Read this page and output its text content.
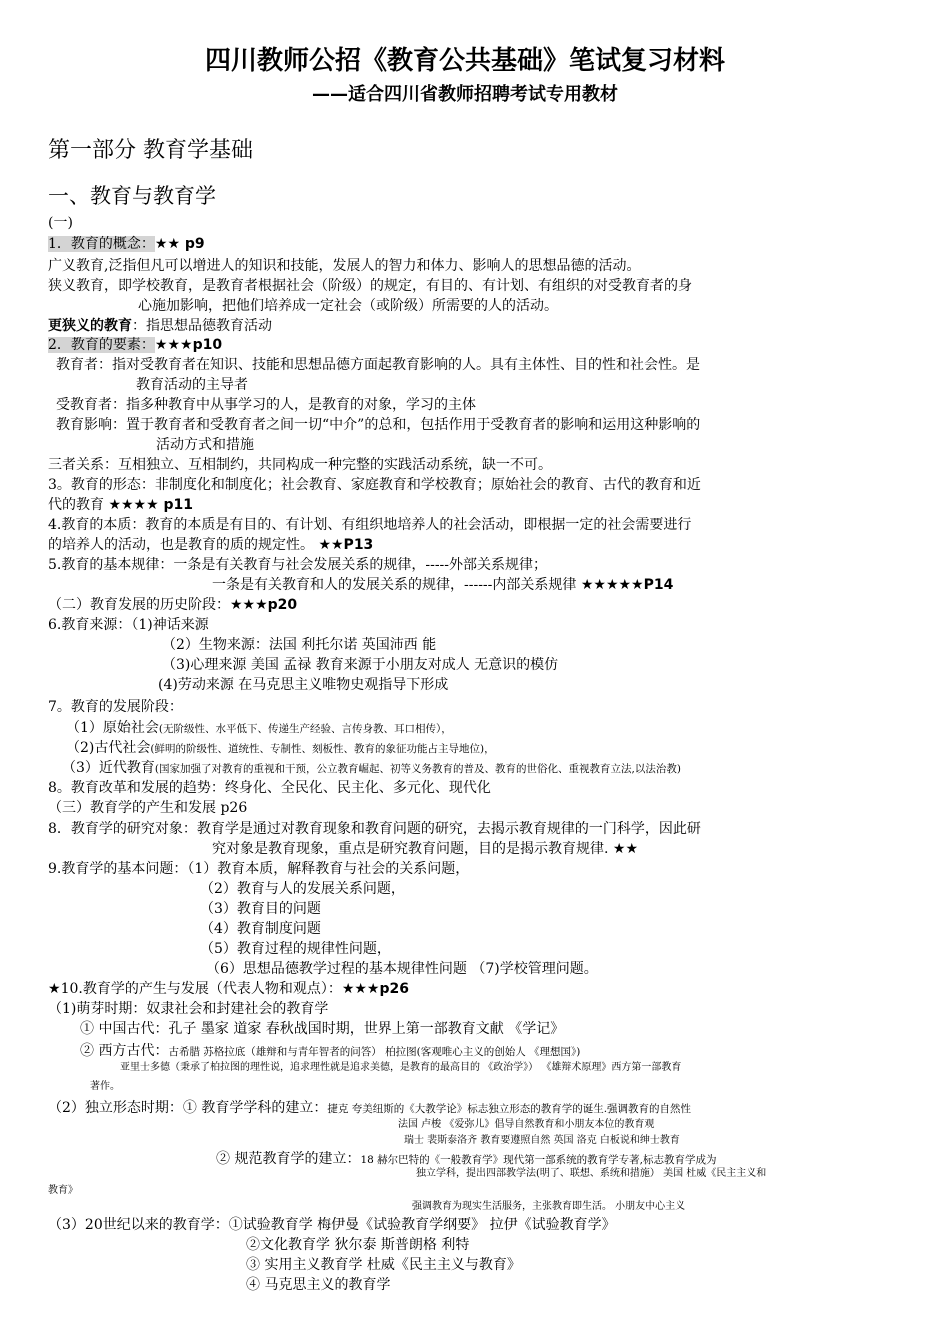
四川教师公招《教育公共基础》笔试复习材料
——适合四川省教师招聘考试专用教材
第一部分 教育学基础
一、教育与教育学
(一)
1．教育的概念：★★ p9
广义教育,泛指但凡可以增进人的知识和技能，发展人的智力和体力、影响人的思想品德的活动。
狭义教育，即学校教育，是教育者根据社会（阶级）的规定，有目的、有计划、有组织的对受教育者的身
心施加影响，把他们培养成一定社会（或阶级）所需要的人的活动。
更狭义的教育：指思想品德教育活动
2．教育的要素：★★★p10
教育者：指对受教育者在知识、技能和思想品德方面起教育影响的人。具有主体性、目的性和社会性。是
教育活动的主导者
受教育者：指多种教育中从事学习的人，是教育的对象，学习的主体
教育影响：置于教育者和受教育者之间一切“中介”的总和，包括作用于受教育者的影响和运用这种影响的
活动方式和措施
三者关系：互相独立、互相制约，共同构成一种完整的实践活动系统，缺一不可。
3。教育的形态：非制度化和制度化；社会教育、家庭教育和学校教育；原始社会的教育、古代的教育和近
代的教育 ★★★★ p11
4.教育的本质：教育的本质是有目的、有计划、有组织地培养人的社会活动，即根据一定的社会需要进行
的培养人的活动，也是教育的质的规定性。 ★★P13
5.教育的基本规律：一条是有关教育与社会发展关系的规律，-----外部关系规律；
一条是有关教育和人的发展关系的规律，------内部关系规律 ★★★★★P14
（二）教育发展的历史阶段：★★★p20
6.教育来源：（1)神话来源
（2）生物来源：法国 利托尔诺 英国沛西 能
（3)心理来源 美国 孟禄 教育来源于小朋友对成人 无意识的模仿
(4)劳动来源 在马克思主义唯物史观指导下形成
7。教育的发展阶段：
（1）原始社会(无阶级性、水平低下、传递生产经验、言传身教、耳口相传），
（2)古代社会(鲜明的阶级性、道统性、专制性、刻板性、教育的象征功能占主导地位)，
（3）近代教育(国家加强了对教育的重视和干预，公立教育崛起、初等义务教育的普及、教育的世俗化、重视教育立法,以法治教)
8。教育改革和发展的趋势：终身化、全民化、民主化、多元化、现代化
（三）教育学的产生和发展 p26
8．教育学的研究对象：教育学是通过对教育现象和教育问题的研究，去揭示教育规律的一门科学，因此研
究对象是教育现象，重点是研究教育问题，目的是揭示教育规律. ★★
9.教育学的基本问题：（1）教育本质，解释教育与社会的关系问题，
（2）教育与人的发展关系问题，
（3）教育目的问题
（4）教育制度问题
（5）教育过程的规律性问题，
（6）思想品德教学过程的基本规律性问题 （7)学校管理问题。
★10.教育学的产生与发展（代表人物和观点）：★★★p26
（1)萌芽时期：奴隶社会和封建社会的教育学
① 中国古代：孔子 墨家 道家 春秋战国时期，世界上第一部教育文献 《学记》
② 西方古代：古希腊 苏格拉底（雄辩和与青年智者的问答） 柏拉图(客观唯心主义的创始人 《理想国》)
亚里士多德（秉承了柏拉图的理性说，追求理性就是追求美德，是教育的最高目的 《政治学》） 《雄辩术原理》西方第一部教育
著作。
（2）独立形态时期：① 教育学学科的建立：捷克 夸美纽斯的《大教学论》标志独立形态的教育学的诞生.强调教育的自然性
法国 卢梭 《爱弥儿》倡导自然教育和小朋友本位的教育观
瑞士 裴斯泰洛齐 教育要遵照自然 英国 洛克 白板说和绅士教育
② 规范教育学的建立：18 赫尔巴特的《一般教育学》现代第一部系统的教育学专著,标志教育学成为
独立学科，提出四部教学法(明了、联想、系统和措施） 美国 杜威《民主主义和
教育》
强调教育为现实生活服务，主张教育即生活。 小朋友中心主义
（3）20世纪以来的教育学：①试验教育学 梅伊曼《试验教育学纲要》 拉伊《试验教育学》
②文化教育学 狄尔泰 斯普朗格 利特
③ 实用主义教育学 杜威《民主主义与教育》
④ 马克思主义的教育学
